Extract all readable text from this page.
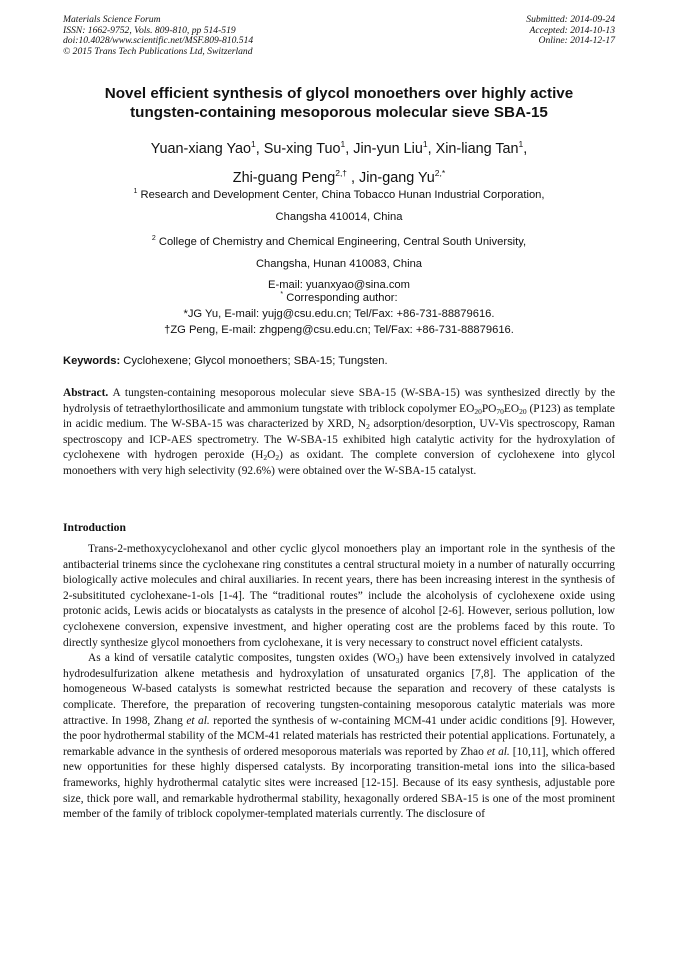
Materials Science Forum
ISSN: 1662-9752, Vols. 809-810, pp 514-519
doi:10.4028/www.scientific.net/MSF.809-810.514
© 2015 Trans Tech Publications Ltd, Switzerland
Submitted: 2014-09-24
Accepted: 2014-10-13
Online: 2014-12-17
Novel efficient synthesis of glycol monoethers over highly active
tungsten-containing mesoporous molecular sieve SBA-15
Yuan-xiang Yao$^1$, Su-xing Tuo$^1$, Jin-yun Liu$^1$, Xin-liang Tan$^1$,
Zhi-guang Peng$^{2,\dagger}$ , Jin-gang $Yu^{2,*}$
$^1$ Research and Development Center, China Tobacco Hunan Industrial Corporation,
Changsha 410014, China
$^2$ College of Chemistry and Chemical Engineering, Central South University,
Changsha, Hunan 410083, China
E-mail: yuanxyao@sina.com
* Corresponding author:
*JG Yu, E-mail: yujg@csu.edu.cn; Tel/Fax: +86-731-88879616.
†ZG Peng, E-mail: zhgpeng@csu.edu.cn; Tel/Fax: +86-731-88879616.
Keywords: Cyclohexene; Glycol monoethers; SBA-15; Tungsten.
Abstract. A tungsten-containing mesoporous molecular sieve SBA-15 (W-SBA-15) was synthesized directly by the hydrolysis of tetraethylorthosilicate and ammonium tungstate with triblock copolymer $EO_{20}PO_{70}EO_{20}$ (P123) as template in acidic medium. The W-SBA-15 was characterized by XRD, $N_2$ adsorption/desorption, UV-Vis spectroscopy, Raman spectroscopy and ICP-AES spectrometry. The W-SBA-15 exhibited high catalytic activity for the hydroxylation of cyclohexene with hydrogen peroxide $(H_2O_2)$ as oxidant. The complete conversion of cyclohexene into glycol monoethers with very high selectivity (92.6%) were obtained over the W-SBA-15 catalyst.
Introduction

Trans-2-methoxycyclohexanol and other cyclic glycol monoethers play an important role in the synthesis of the antibacterial trinems since the cyclohexane ring constitutes a central structural moiety in a number of naturally occurring biologically active molecules and chiral auxiliaries. In recent years, there has been increasing interest in the synthesis of 2-subsitituted cyclohexane-1-ols [1-4]. The “traditional routes” include the alcoholysis of cyclohexene oxide using protonic acids, Lewis acids or biocatalysts as catalysts in the presence of alcohol [2-6]. However, serious pollution, low cyclohexene conversion, expensive investment, and higher operating cost are the problems faced by this route. To directly synthesize glycol monoethers from cyclohexane, it is very necessary to construct novel efficient catalysts.

As a kind of versatile catalytic composites, tungsten oxides $(WO_3)$ have been extensively involved in catalyzed hydrodesulfurization alkene metathesis and hydroxylation of unsaturated organics [7,8]. The application of the homogeneous W-based catalysts is somewhat restricted because the separation and recovery of these catalysts is complicate. Therefore, the preparation of recovering tungsten-containing mesoporous catalytic materials was more attractive. In 1998, Zhang et al. reported the synthesis of w-containing MCM-41 under acidic conditions [9]. However, the poor hydrothermal stability of the MCM-41 related materials has restricted their potential applications. Fortunately, a remarkable advance in the synthesis of ordered mesoporous materials was reported by Zhao et al. [10,11], which offered new opportunities for these highly dispersed catalysts. By incorporating transition-metal ions into the silica-based frameworks, highly hydrothermal catalytic sites were increased [12-15]. Because of its easy synthesis, adjustable pore size, thick pore wall, and remarkable hydrothermal stability, hexagonally ordered SBA-15 is one of the most prominent member of the family of triblock copolymer-templated materials currently. The disclosure of
